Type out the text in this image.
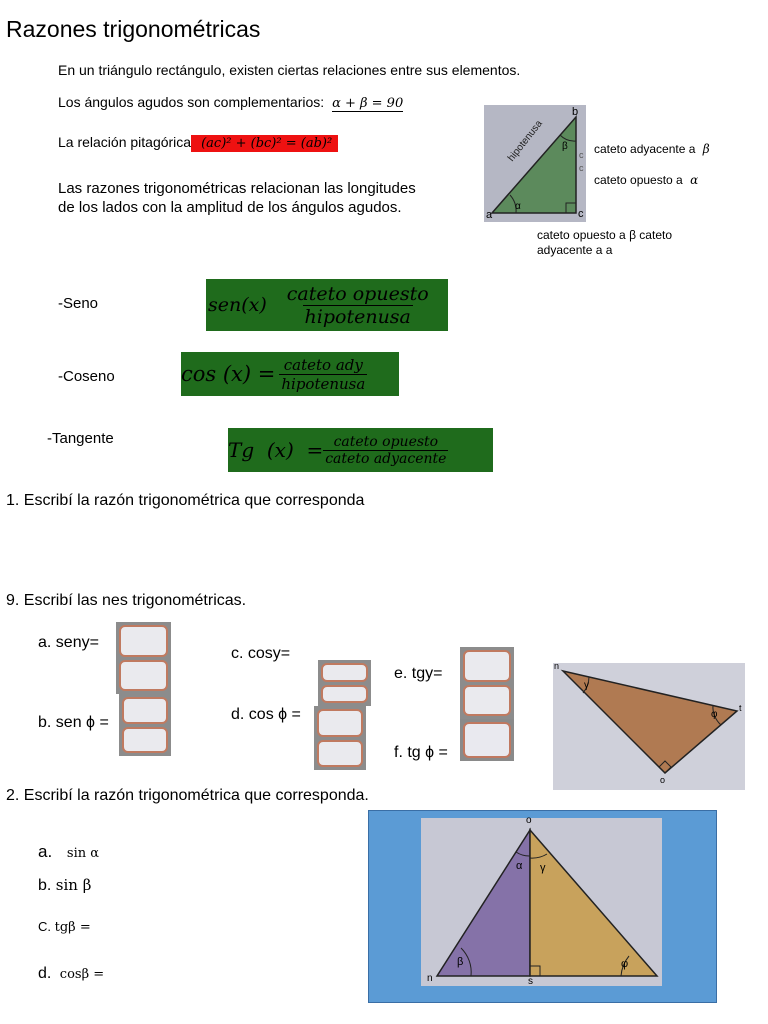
Razones trigonométricas
En un triángulo rectángulo, existen ciertas relaciones entre sus elementos.
Los ángulos agudos son complementarios: α + β = 90
La relación pitagórica (ac)² + (bc)² = (ab)²
Las razones trigonométricas relacionan las longitudes
de los lados con la amplitud de los ángulos agudos.
hipotenusa
a
b
c
α
β
c
c
cateto adyacente a β
cateto opuesto a α
cateto opuesto a β cateto adyacente a a
-Seno	$sen(x) \frac{\text{cateto opuesto}}{\text{hipotenusa}}$
-Coseno	$\cos (x) = \frac{\text{cateto ady}}{\text{hipotenusa}}$
-Tangente	Tg  $(x) = \frac{\text{cateto opuesto}}{\text{cateto adyacente}}$
1. Escribí la razón trigonométrica que corresponda
9. Escribí las nes trigonométricas.
a. seny=
b. sen ϕ =
c. cosy=
d. cos ϕ =
e. tgy=
f. tg ϕ =
n
t
o
γ
φ
2. Escribí la razón trigonométrica que corresponda.
a. sin α
b. sin β
C. tgβ =
d. cosβ =
o
n	s
α γ
β	φ
